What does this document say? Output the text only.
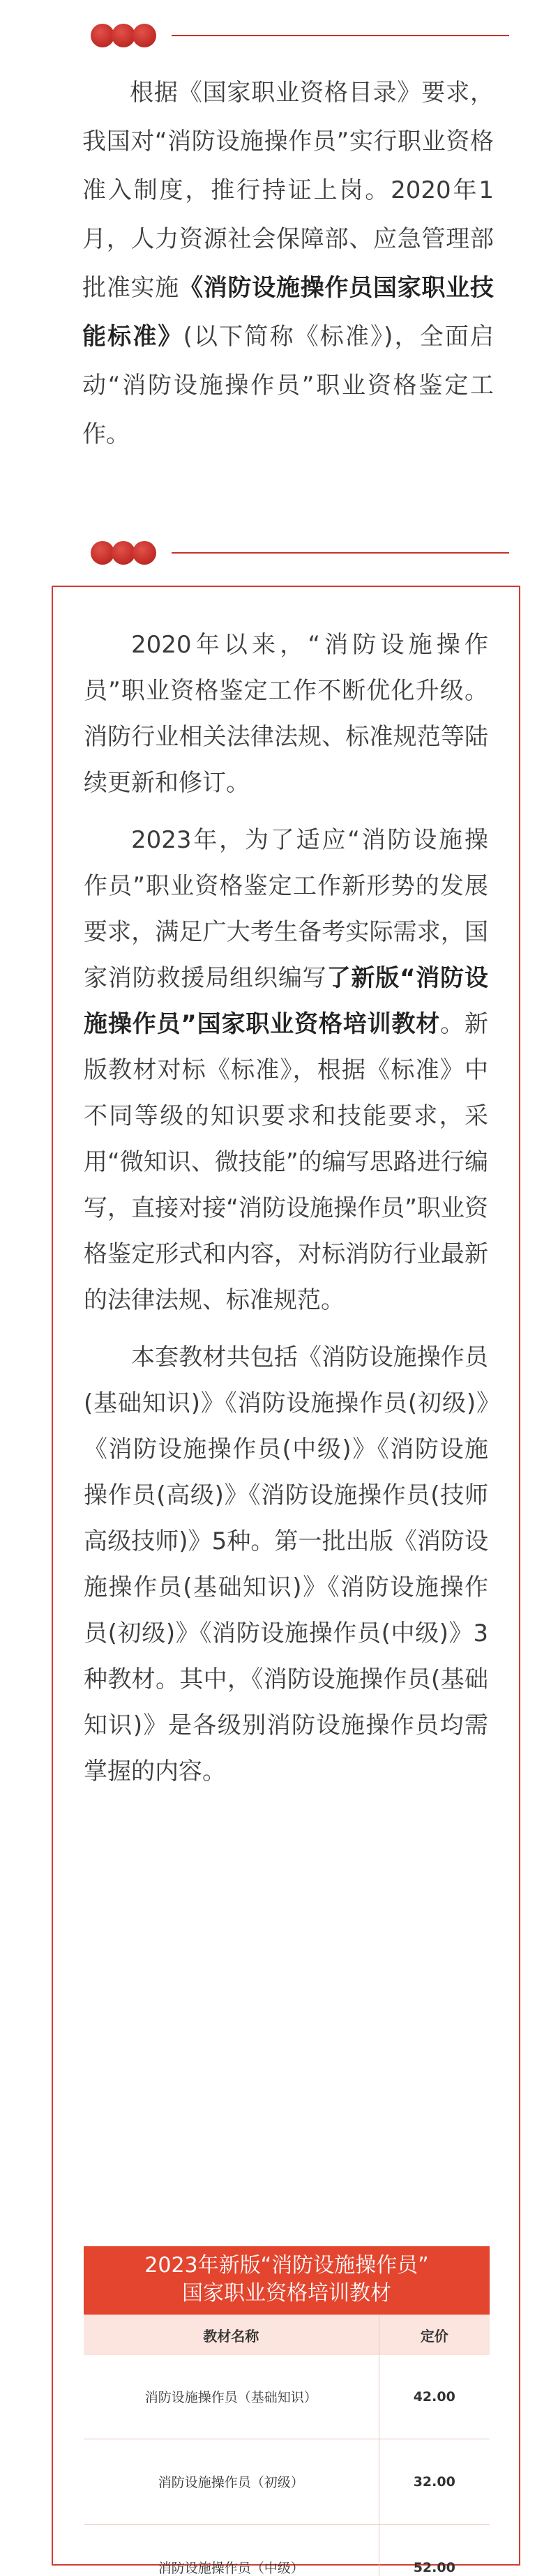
根据《国家职业资格目录》要求，我国对“消防设施操作员”实行职业资格准入制度，推行持证上岗。2020年1月，人力资源社会保障部、应急管理部批准实施《消防设施操作员国家职业技能标准》(以下简称《标准》)，全面启动“消防设施操作员”职业资格鉴定工作。

2020年以来，“消防设施操作员”职业资格鉴定工作不断优化升级。消防行业相关法律法规、标准规范等陆续更新和修订。

2023年，为了适应“消防设施操作员”职业资格鉴定工作新形势的发展要求，满足广大考生备考实际需求，国家消防救援局组织编写了新版“消防设施操作员”国家职业资格培训教材。新版教材对标《标准》，根据《标准》中不同等级的知识要求和技能要求，采用“微知识、微技能”的编写思路进行编写，直接对接“消防设施操作员”职业资格鉴定形式和内容，对标消防行业最新的法律法规、标准规范。

本套教材共包括《消防设施操作员(基础知识)》《消防设施操作员(初级)》《消防设施操作员(中级)》《消防设施操作员(高级)》《消防设施操作员(技师 高级技师)》5种。第一批出版《消防设施操作员(基础知识)》《消防设施操作员(初级)》《消防设施操作员(中级)》3种教材。其中，《消防设施操作员(基础知识)》是各级别消防设施操作员均需掌握的内容。

2023年新版“消防设施操作员”
国家职业资格培训教材
教材名称	定价
消防设施操作员（基础知识）	42.00
消防设施操作员（初级）	32.00
消防设施操作员（中级）	52.00
